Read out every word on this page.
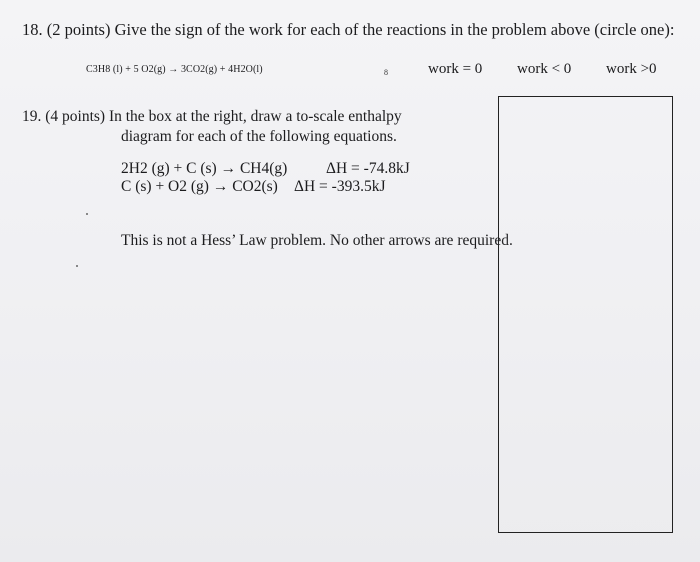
18. (2 points) Give the sign of the work for each of the reactions in the problem above (circle one):
C3H8 (l) + 5 O2(g) → 3CO2(g) + 4H2O(l)	8	work = 0 work < 0 work >0
19. (4 points) In the box at the right, draw a to-scale enthalpy
diagram for each of the following equations.
2H2 (g) + C (s) → CH4(g) ΔH = -74.8kJ
C (s) + O2 (g) → CO2(s) ΔH = -393.5kJ
This is not a Hess’ Law problem. No other arrows are required.
